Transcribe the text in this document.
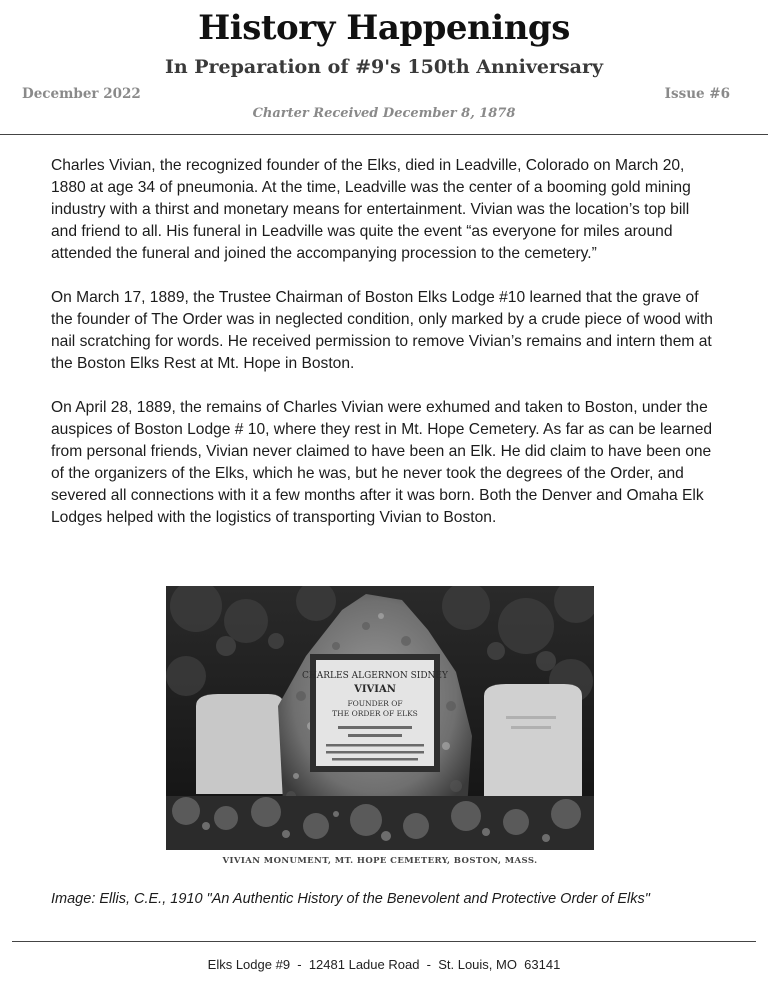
History Happenings
In Preparation of #9's 150th Anniversary
December 2022	Issue #6
Charter Received December 8, 1878

Charles Vivian, the recognized founder of the Elks, died in Leadville, Colorado on March 20, 1880 at age 34 of pneumonia. At the time, Leadville was the center of a booming gold mining industry with a thirst and monetary means for entertainment. Vivian was the location’s top bill and friend to all. His funeral in Leadville was quite the event “as everyone for miles around attended the funeral and joined the accompanying procession to the cemetery.”

On March 17, 1889, the Trustee Chairman of Boston Elks Lodge #10 learned that the grave of the founder of The Order was in neglected condition, only marked by a crude piece of wood with nail scratching for words. He received permission to remove Vivian’s remains and intern them at the Boston Elks Rest at Mt. Hope in Boston.

On April 28, 1889, the remains of Charles Vivian were exhumed and taken to Boston, under the auspices of Boston Lodge # 10, where they rest in Mt. Hope Cemetery. As far as can be learned from personal friends, Vivian never claimed to have been an Elk. He did claim to have been one of the organizers of the Elks, which he was, but he never took the degrees of the Order, and severed all connections with it a few months after it was born. Both the Denver and Omaha Elk Lodges helped with the logistics of transporting Vivian to Boston.

CHARLES ALGERNON SIDNEY
VIVIAN
FOUNDER OF
THE ORDER OF ELKS
VIVIAN MONUMENT, MT. HOPE CEMETERY, BOSTON, MASS.
Image: Ellis, C.E., 1910 "An Authentic History of the Benevolent and Protective Order of Elks"
Elks Lodge #9  -  12481 Ladue Road  -  St. Louis, MO  63141
